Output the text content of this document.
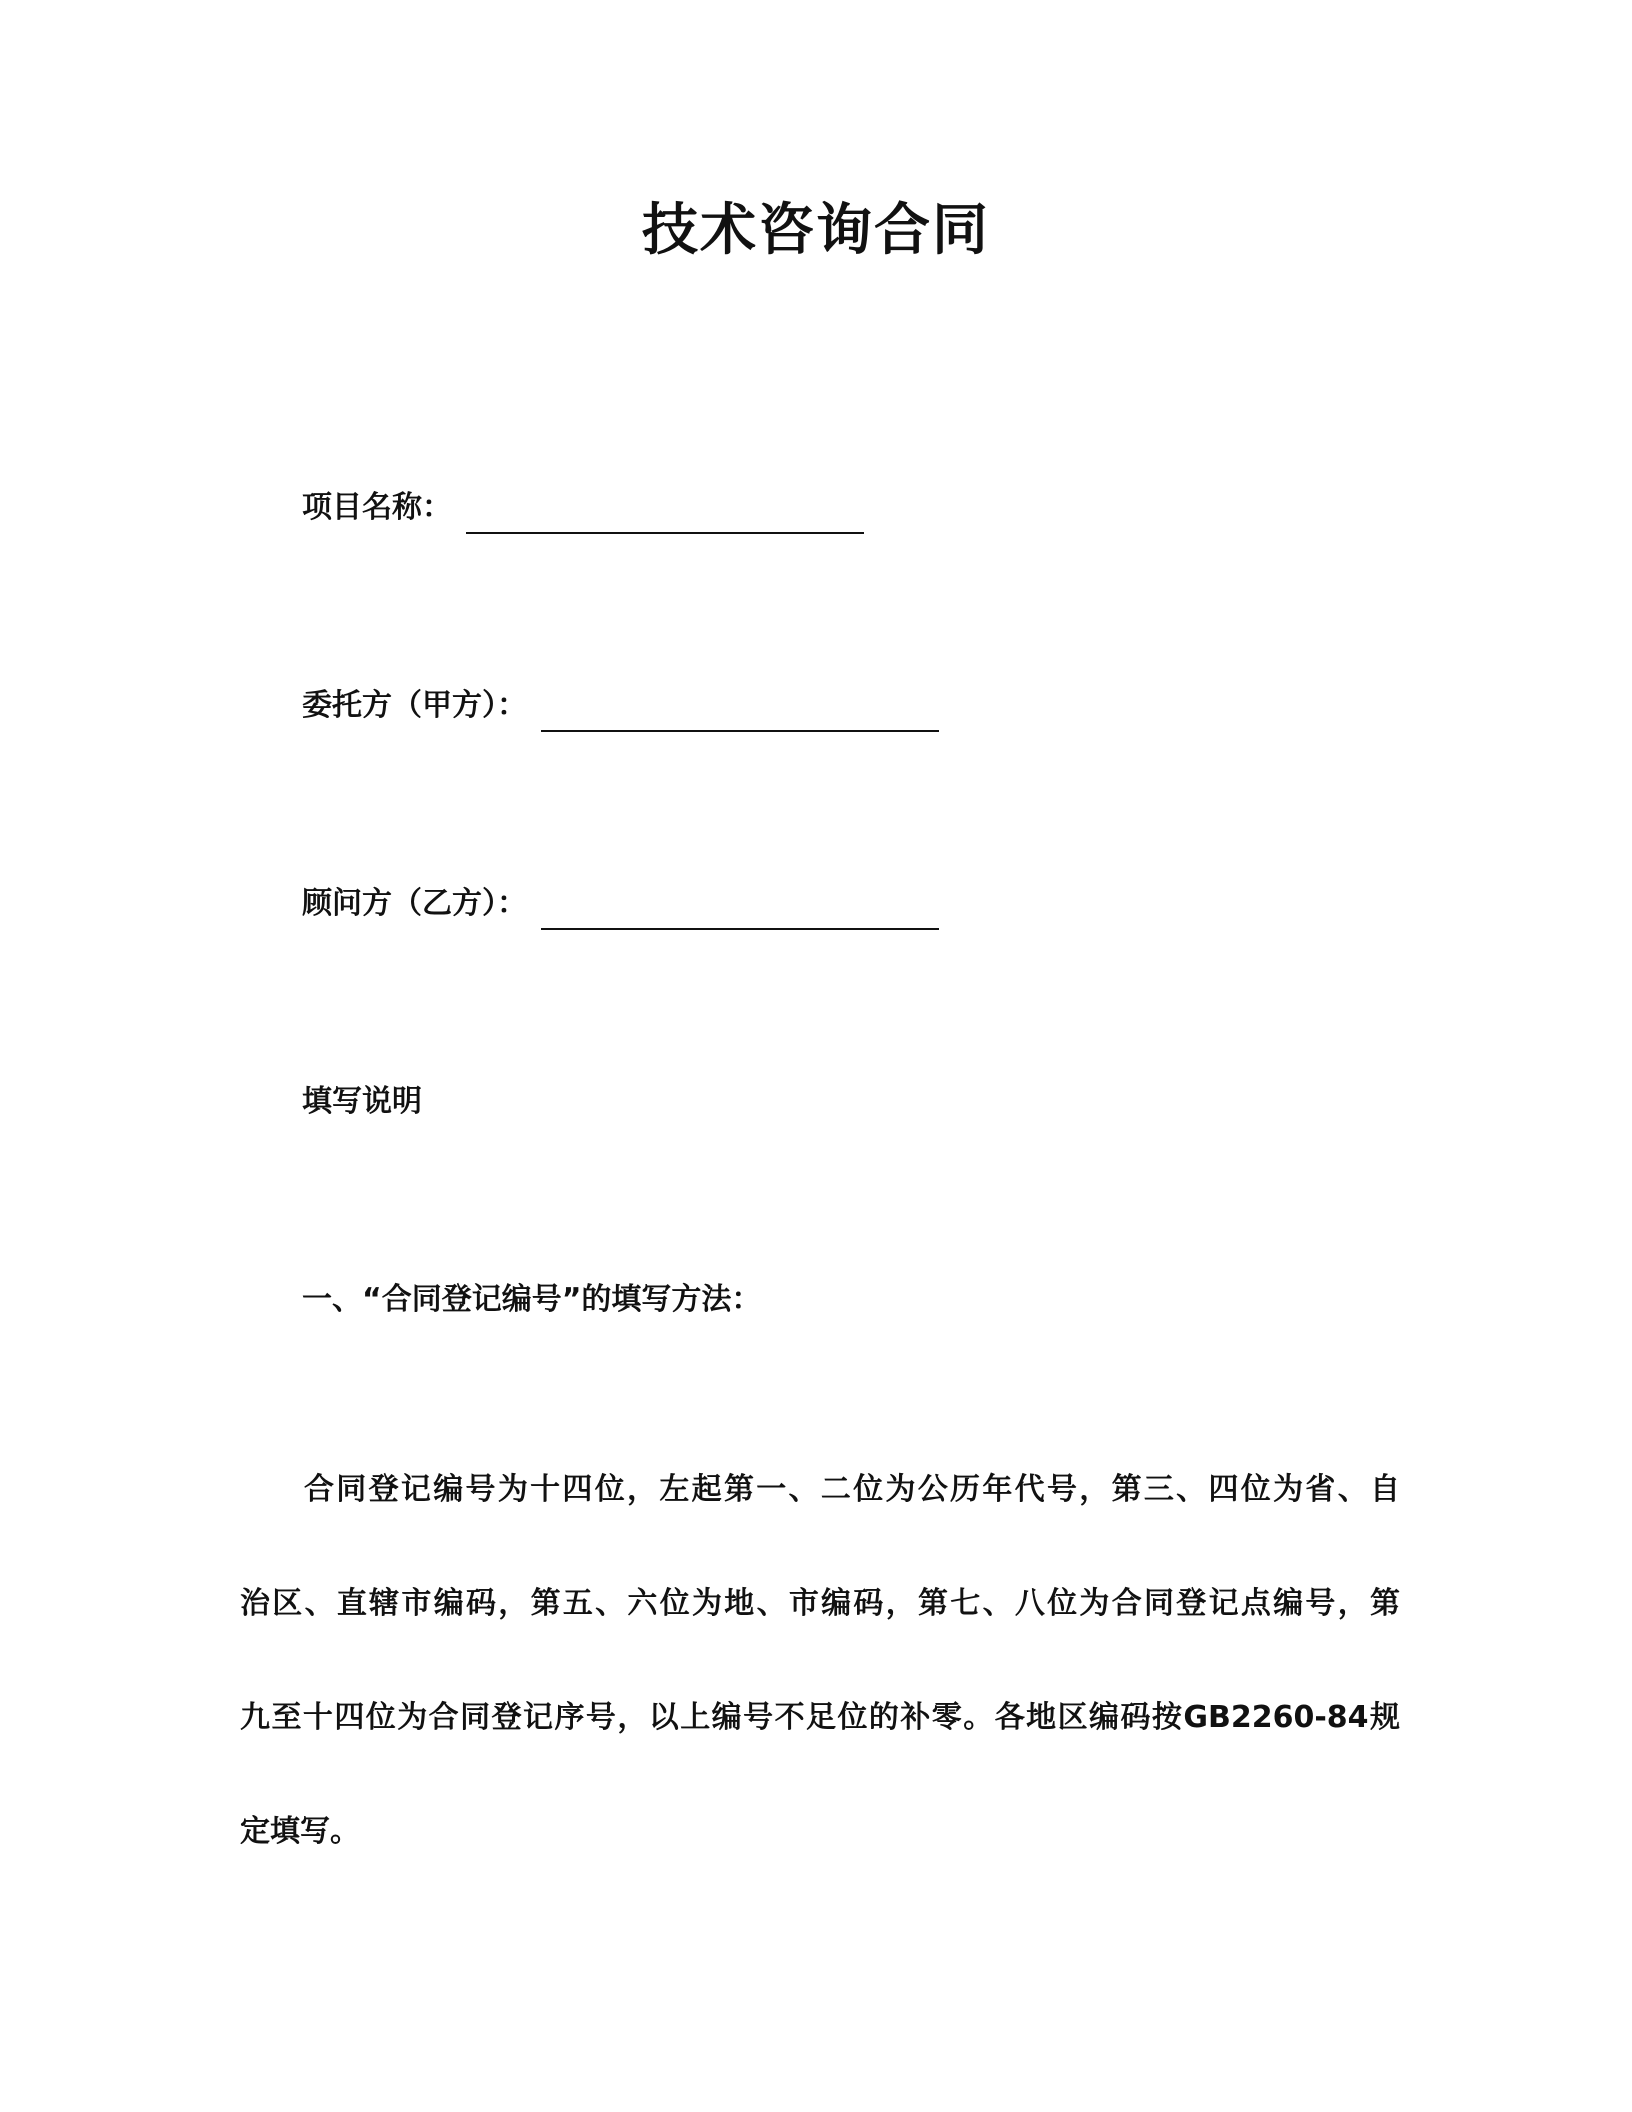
技术咨询合同
项目名称：
委托方（甲方）：
顾问方（乙方）：
填写说明
一、“合同登记编号”的填写方法：
合同登记编号为十四位，左起第一、二位为公历年代号，第三、四位为省、自
治区、直辖市编码，第五、六位为地、市编码，第七、八位为合同登记点编号，第
九至十四位为合同登记序号，以上编号不足位的补零。各地区编码按GB2260-84规
定填写。
